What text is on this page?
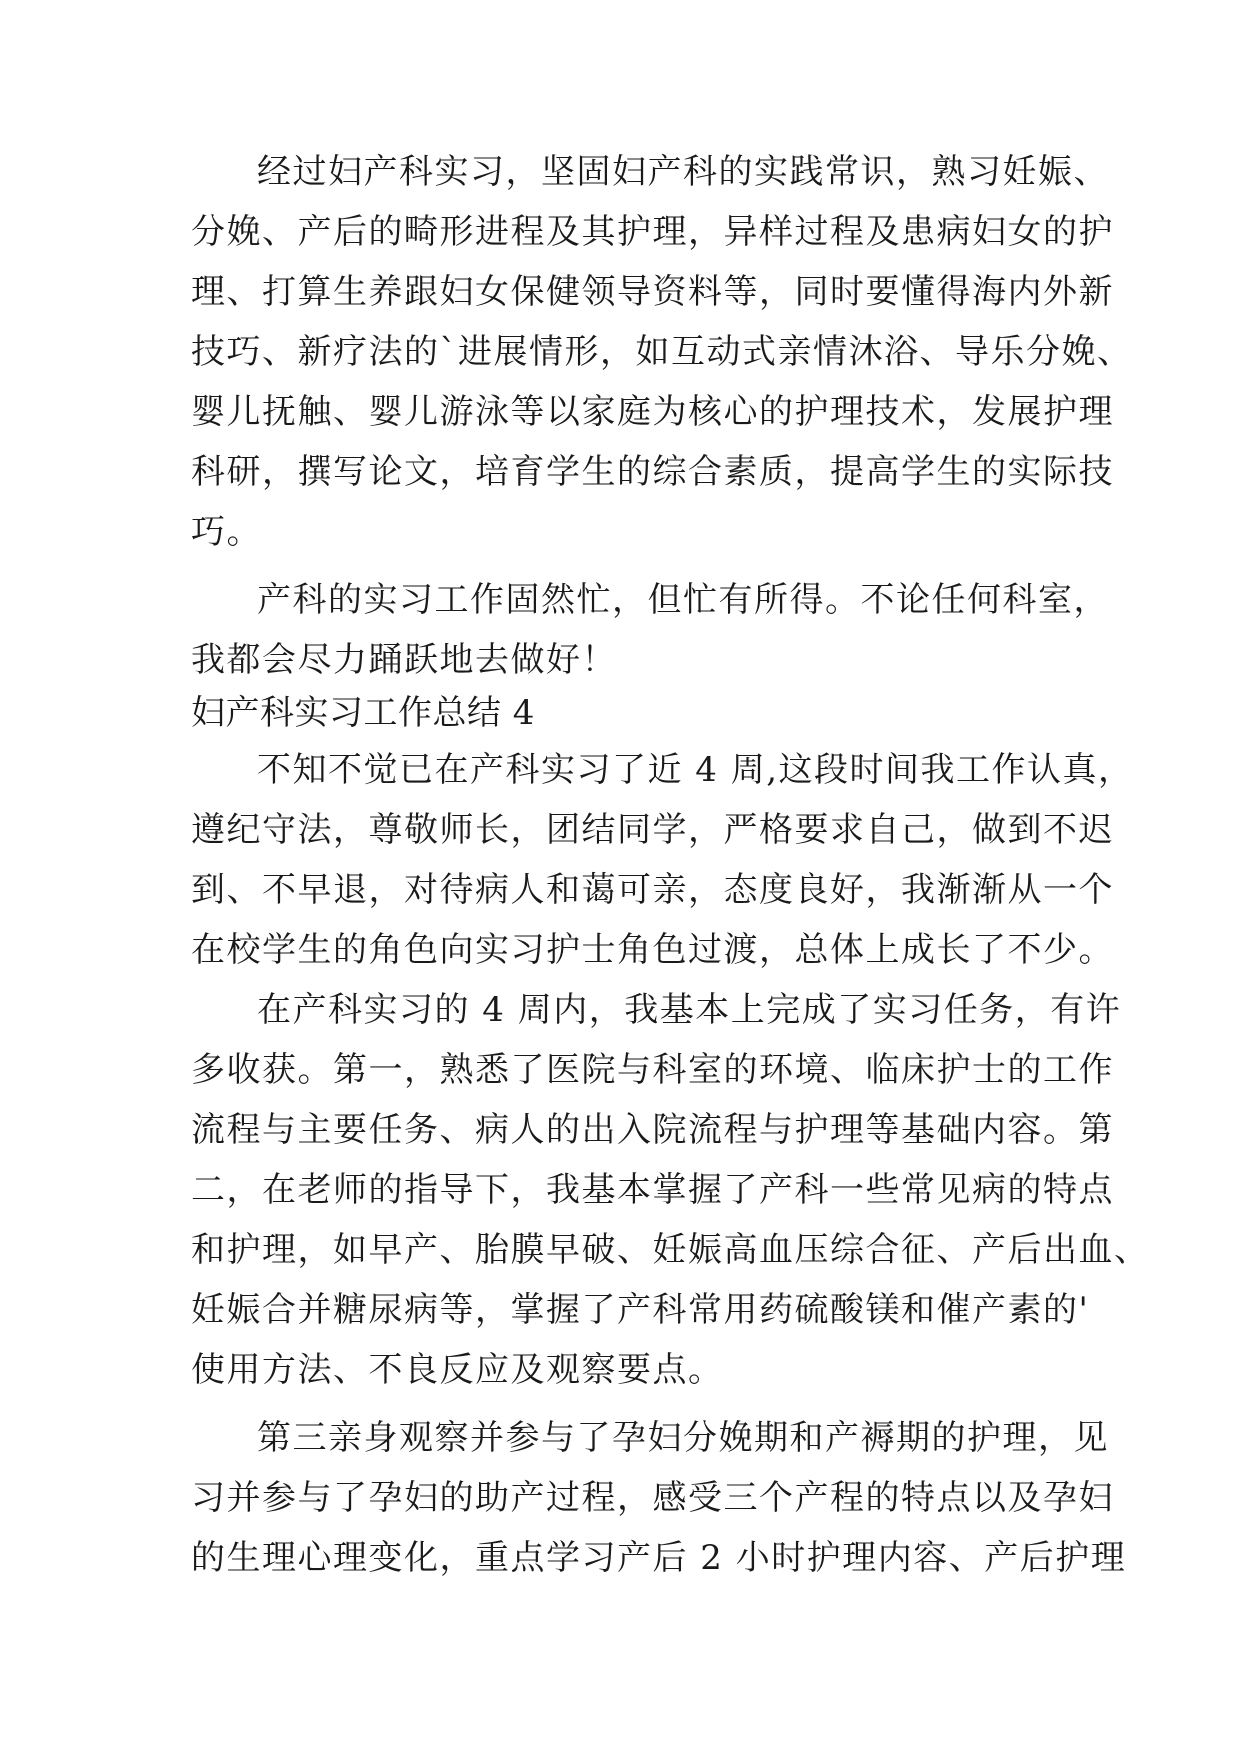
经过妇产科实习，坚固妇产科的实践常识，熟习妊娠、
分娩、产后的畸形进程及其护理，异样过程及患病妇女的护
理、打算生养跟妇女保健领导资料等，同时要懂得海内外新
技巧、新疗法的`进展情形，如互动式亲情沐浴、导乐分娩、
婴儿抚触、婴儿游泳等以家庭为核心的护理技术，发展护理
科研，撰写论文，培育学生的综合素质，提高学生的实际技
巧。
产科的实习工作固然忙，但忙有所得。不论任何科室，
我都会尽力踊跃地去做好！
妇产科实习工作总结 4
不知不觉已在产科实习了近 4 周,这段时间我工作认真，
遵纪守法，尊敬师长，团结同学，严格要求自己，做到不迟
到、不早退，对待病人和蔼可亲，态度良好，我渐渐从一个
在校学生的角色向实习护士角色过渡，总体上成长了不少。
在产科实习的 4 周内，我基本上完成了实习任务，有许
多收获。第一，熟悉了医院与科室的环境、临床护士的工作
流程与主要任务、病人的出入院流程与护理等基础内容。第
二，在老师的指导下，我基本掌握了产科一些常见病的特点
和护理，如早产、胎膜早破、妊娠高血压综合征、产后出血、
妊娠合并糖尿病等，掌握了产科常用药硫酸镁和催产素的'
使用方法、不良反应及观察要点。
第三亲身观察并参与了孕妇分娩期和产褥期的护理，见
习并参与了孕妇的助产过程，感受三个产程的特点以及孕妇
的生理心理变化，重点学习产后 2 小时护理内容、产后护理
